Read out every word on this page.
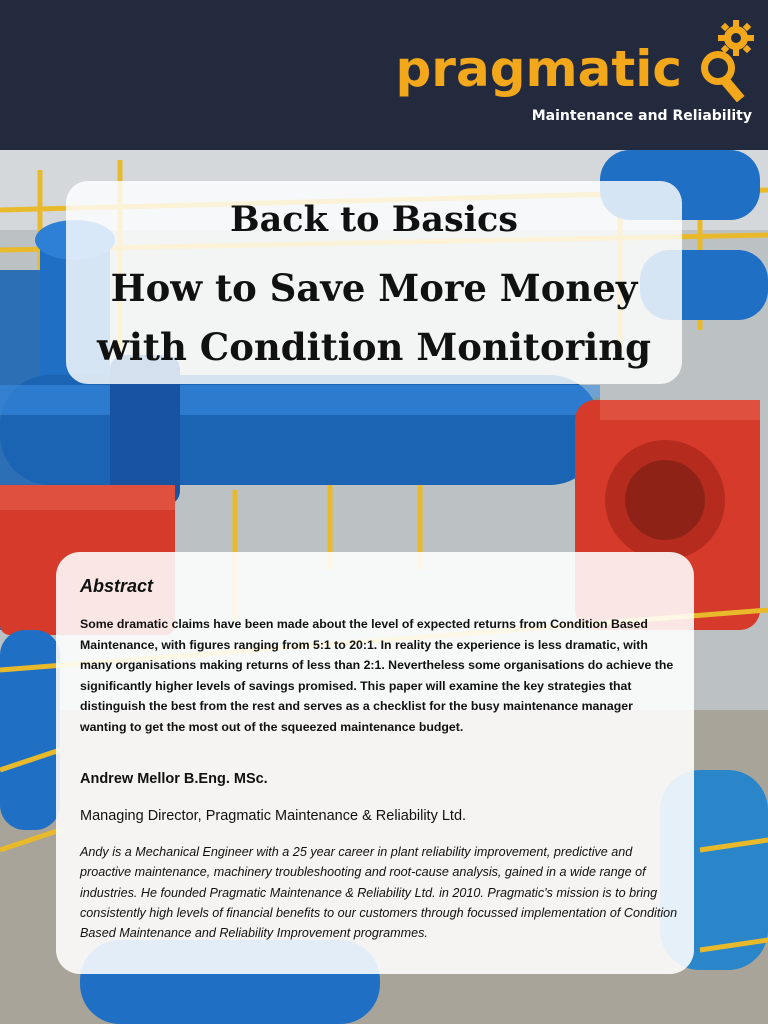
pragmatic
Maintenance and Reliability
Back to Basics
How to Save More Money
with Condition Monitoring
Abstract
Some dramatic claims have been made about the level of expected returns from Condition Based Maintenance, with figures ranging from 5:1 to 20:1. In reality the experience is less dramatic, with many organisations making returns of less than 2:1. Nevertheless some organisations do achieve the significantly higher levels of savings promised. This paper will examine the key strategies that distinguish the best from the rest and serves as a checklist for the busy maintenance manager wanting to get the most out of the squeezed maintenance budget.
Andrew Mellor B.Eng. MSc.
Managing Director, Pragmatic Maintenance & Reliability Ltd.
Andy is a Mechanical Engineer with a 25 year career in plant reliability improvement, predictive and proactive maintenance, machinery troubleshooting and root-cause analysis, gained in a wide range of industries. He founded Pragmatic Maintenance & Reliability Ltd. in 2010. Pragmatic's mission is to bring consistently high levels of financial benefits to our customers through focussed implementation of Condition Based Maintenance and Reliability Improvement programmes.
